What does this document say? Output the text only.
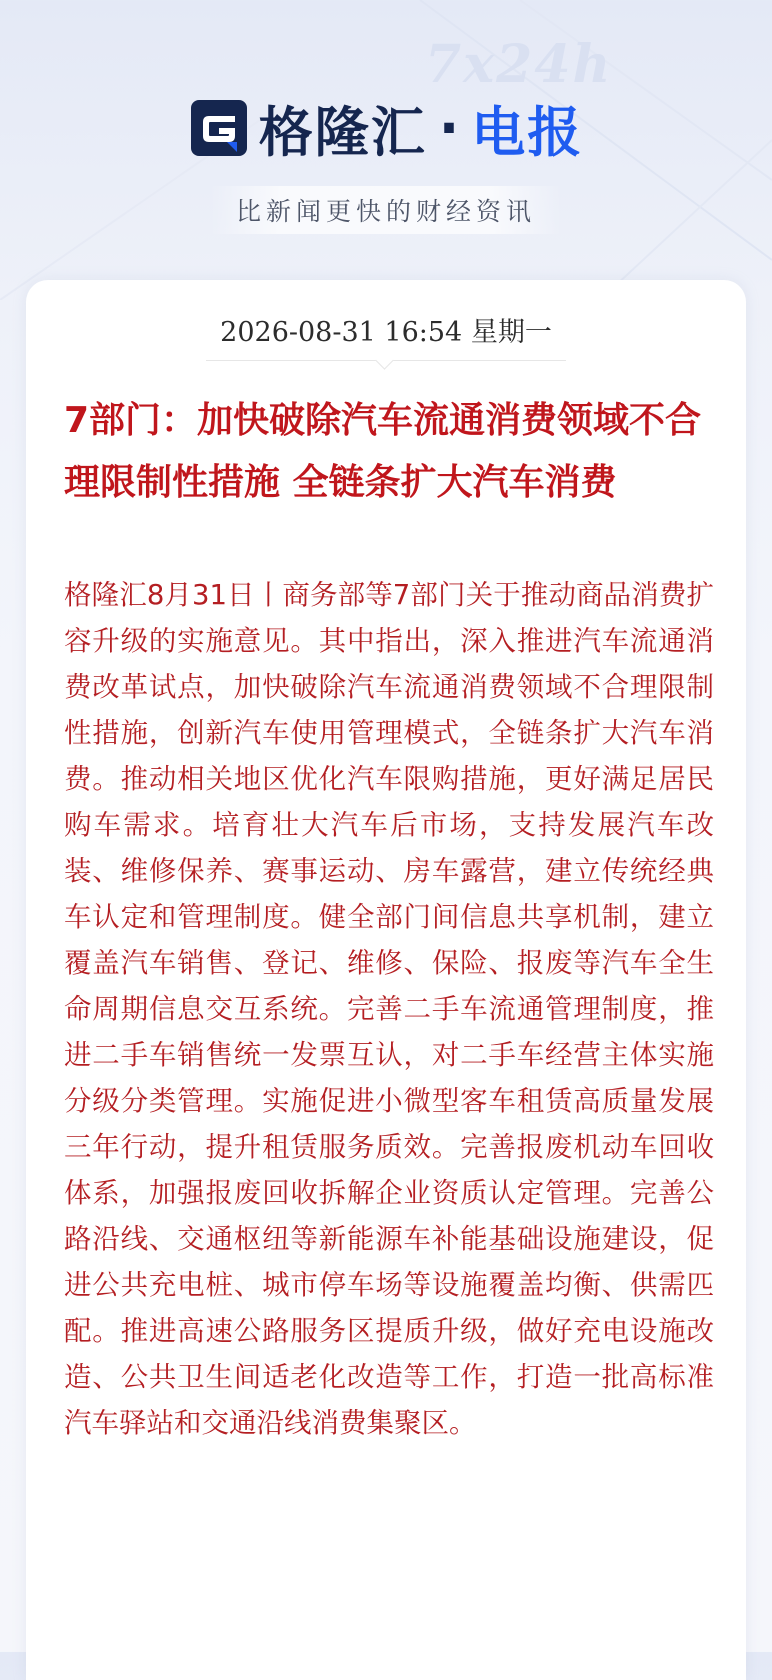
7x24h
格隆汇 · 电报
比新闻更快的财经资讯
2026-08-31 16:54 星期一
7部门：加快破除汽车流通消费领域不合理限制性措施 全链条扩大汽车消费

格隆汇8月31日丨商务部等7部门关于推动商品消费扩容升级的实施意见。其中指出，深入推进汽车流通消费改革试点，加快破除汽车流通消费领域不合理限制性措施，创新汽车使用管理模式，全链条扩大汽车消费。推动相关地区优化汽车限购措施，更好满足居民购车需求。培育壮大汽车后市场，支持发展汽车改装、维修保养、赛事运动、房车露营，建立传统经典车认定和管理制度。健全部门间信息共享机制，建立覆盖汽车销售、登记、维修、保险、报废等汽车全生命周期信息交互系统。完善二手车流通管理制度，推进二手车销售统一发票互认，对二手车经营主体实施分级分类管理。实施促进小微型客车租赁高质量发展三年行动，提升租赁服务质效。完善报废机动车回收体系，加强报废回收拆解企业资质认定管理。完善公路沿线、交通枢纽等新能源车补能基础设施建设，促进公共充电桩、城市停车场等设施覆盖均衡、供需匹配。推进高速公路服务区提质升级，做好充电设施改造、公共卫生间适老化改造等工作，打造一批高标准汽车驿站和交通沿线消费集聚区。
